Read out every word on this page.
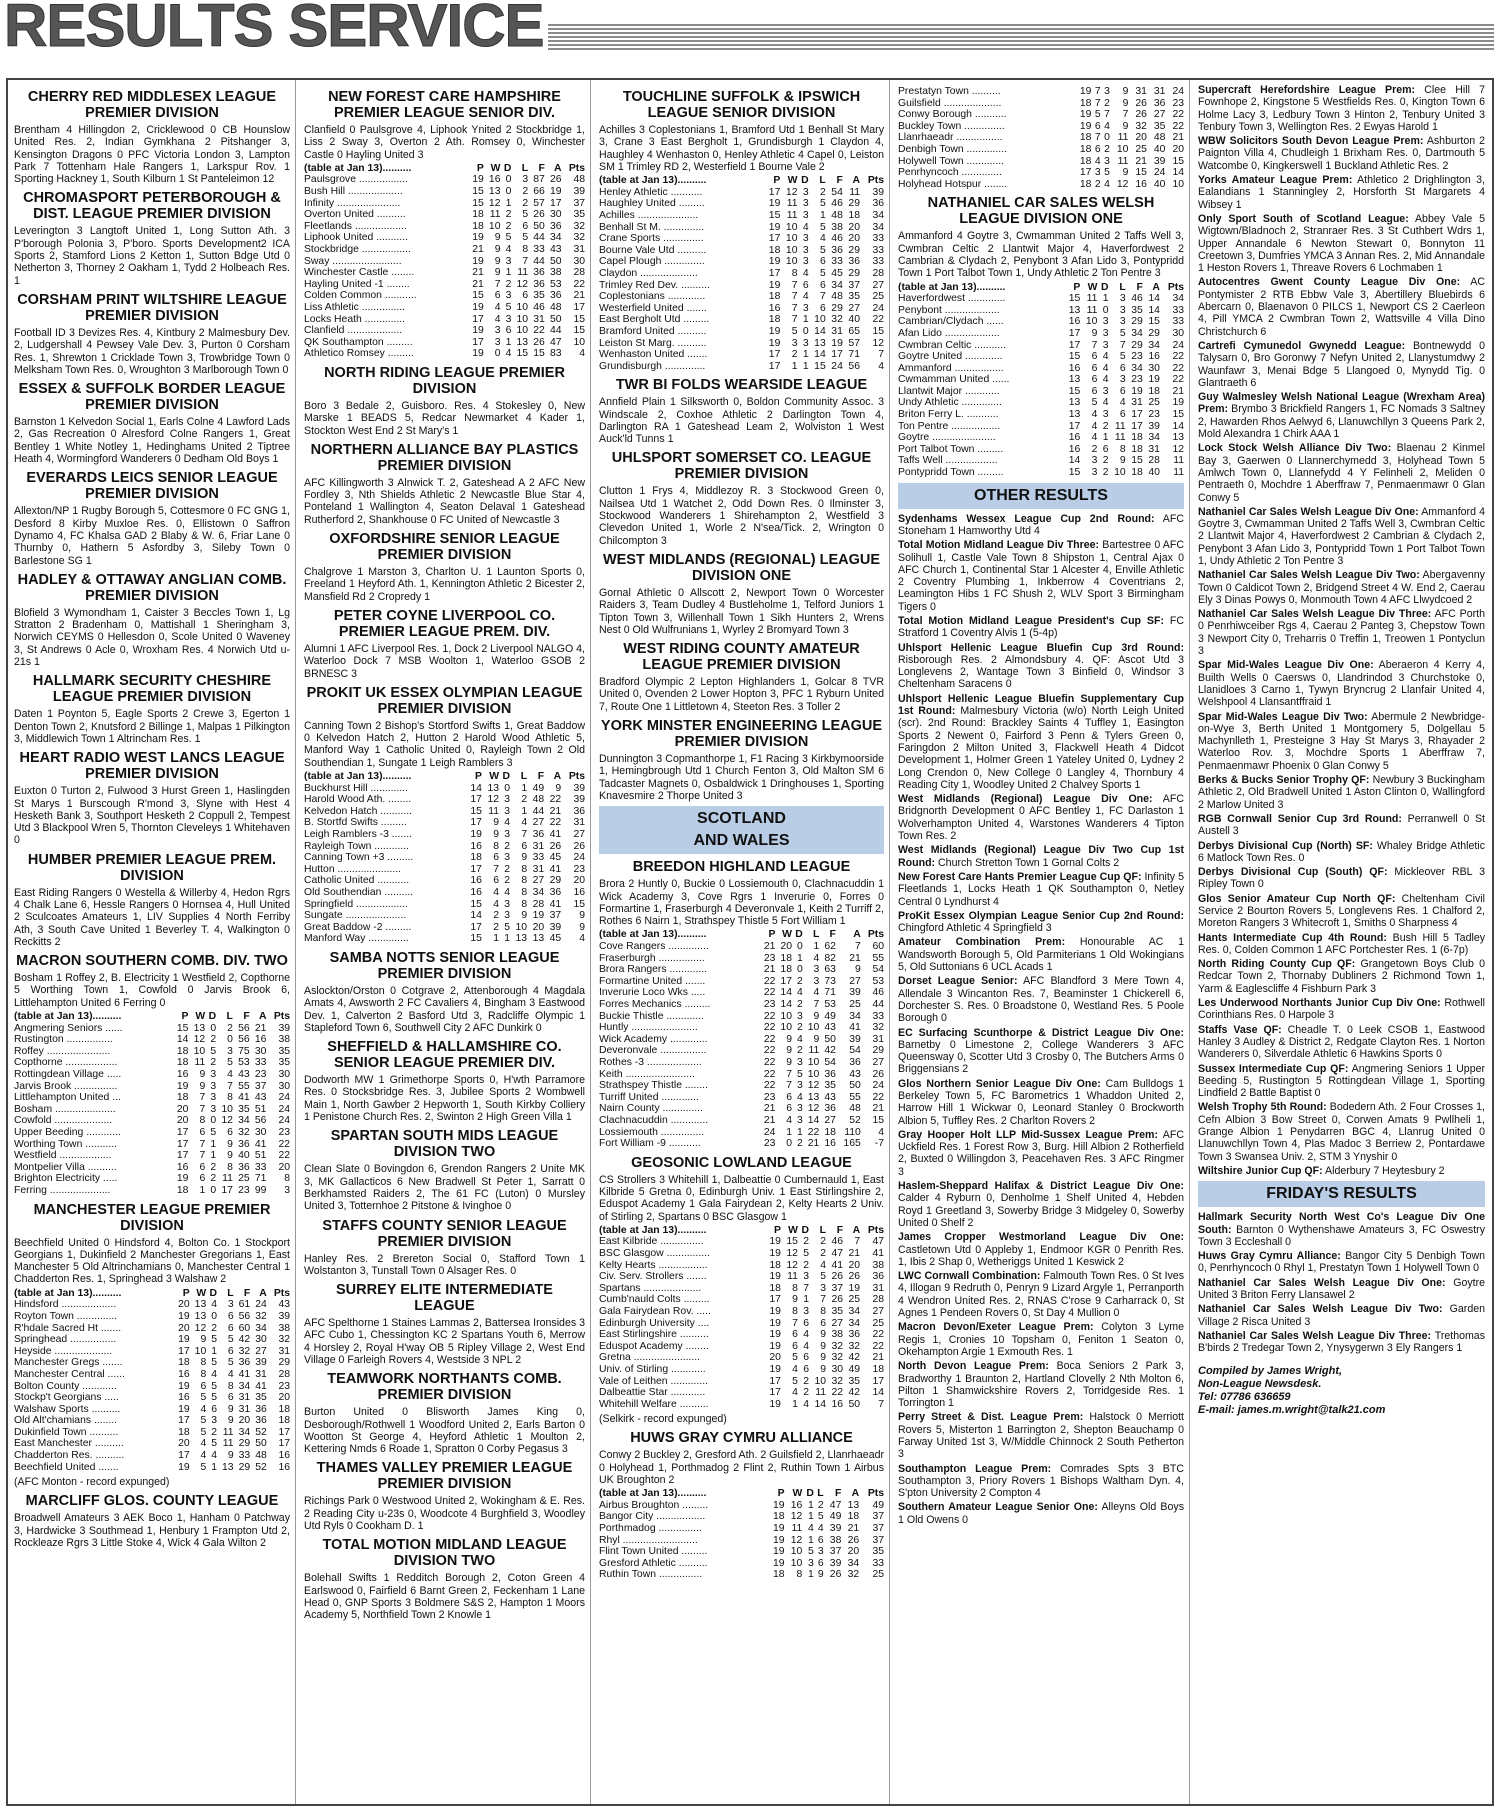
RESULTS SERVICE
CHERRY RED MIDDLESEX LEAGUE PREMIER DIVISION
Brentham 4 Hillingdon 2, Cricklewood 0 CB Hounslow United Res. 2, Indian Gymkhana 2 Pitshanger 3, Kensington Dragons 0 PFC Victoria London 3, Lampton Park 7 Tottenham Hale Rangers 1, Larkspur Rov. 1 Sporting Hackney 1, South Kilburn 1 St Panteleimon 12
CHROMASPORT PETERBOROUGH & DIST. LEAGUE PREMIER DIVISION
Leverington 3 Langtoft United 1, Long Sutton Ath. 3 P'borough Polonia 3, P'boro. Sports Development2 ICA Sports 2, Stamford Lions 2 Ketton 1, Sutton Bdge Utd 0 Netherton 3, Thorney 2 Oakham 1, Tydd 2 Holbeach Res. 1
CORSHAM PRINT WILTSHIRE LEAGUE PREMIER DIVISION
Football ID 3 Devizes Res. 4, Kintbury 2 Malmesbury Dev. 2, Ludgershall 4 Pewsey Vale Dev. 3, Purton 0 Corsham Res. 1, Shrewton 1 Cricklade Town 3, Trowbridge Town 0 Melksham Town Res. 0, Wroughton 3 Marlborough Town 0
ESSEX & SUFFOLK BORDER LEAGUE PREMIER DIVISION
Barnston 1 Kelvedon Social 1, Earls Colne 4 Lawford Lads 2, Gas Recreation 0 Alresford Colne Rangers 1, Great Bentley 1 White Notley 1, Hedinghams United 2 Tiptree Heath 4, Wormingford Wanderers 0 Dedham Old Boys 1
EVERARDS LEICS SENIOR LEAGUE PREMIER DIVISION
Allexton/NP 1 Rugby Borough 5, Cottesmore 0 FC GNG 1, Desford 8 Kirby Muxloe Res. 0, Ellistown 0 Saffron Dynamo 4, FC Khalsa GAD 2 Blaby & W. 6, Friar Lane 0 Thurnby 0, Hathern 5 Asfordby 3, Sileby Town 0 Barlestone SG 1
HADLEY & OTTAWAY ANGLIAN COMB. PREMIER DIVISION
Blofield 3 Wymondham 1, Caister 3 Beccles Town 1, Lg Stratton 2 Bradenham 0, Mattishall 1 Sheringham 3, Norwich CEYMS 0 Hellesdon 0, Scole United 0 Waveney 3, St Andrews 0 Acle 0, Wroxham Res. 4 Norwich Utd u-21s 1
HALLMARK SECURITY CHESHIRE LEAGUE PREMIER DIVISION
Daten 1 Poynton 5, Eagle Sports 2 Crewe 3, Egerton 1 Denton Town 2, Knutsford 2 Billinge 1, Malpas 1 Pilkington 3, Middlewich Town 1 Altrincham Res. 1
HEART RADIO WEST LANCS LEAGUE PREMIER DIVISION
Euxton 0 Turton 2, Fulwood 3 Hurst Green 1, Haslingden St Marys 1 Burscough R'mond 3, Slyne with Hest 4 Hesketh Bank 3, Southport Hesketh 2 Coppull 2, Tempest Utd 3 Blackpool Wren 5, Thornton Cleveleys 1 Whitehaven 0
HUMBER PREMIER LEAGUE PREM. DIVISION
East Riding Rangers 0 Westella & Willerby 4, Hedon Rgrs 4 Chalk Lane 6, Hessle Rangers 0 Hornsea 4, Hull United 2 Sculcoates Amateurs 1, LIV Supplies 4 North Ferriby Ath, 3 South Cave United 1 Beverley T. 4, Walkington 0 Reckitts 2
MACRON SOUTHERN COMB. DIV. TWO
Bosham 1 Roffey 2, B. Electricity 1 Westfield 2, Copthorne 5 Worthing Town 1, Cowfold 0 Jarvis Brook 6, Littlehampton United 6 Ferring 0
(table at Jan 13)..........	P	W	D	L	F	A	Pts
Angmering Seniors ......	15	13	0	2	56	21	39
Rustington ................	14	12	2	0	56	16	38
Roffey ......................	18	10	5	3	75	30	35
Copthorne ..................	18	11	2	5	53	33	35
Rottingdean Village .....	16	9	3	4	43	23	30
Jarvis Brook ...............	19	9	3	7	55	37	30
Littlehampton United ...	18	7	3	8	41	43	24
Bosham .....................	20	7	3	10	35	51	24
Cowfold ....................	20	8	0	12	34	56	24
Upper Beeding ............	17	6	5	6	32	30	23
Worthing Town ...........	17	7	1	9	36	41	22
Westfield ..................	17	7	1	9	40	51	22
Montpelier Villa ..........	16	6	2	8	36	33	20
Brighton Electricity .....	19	6	2	11	25	71	8
Ferring .....................	18	1	0	17	23	99	3
MANCHESTER LEAGUE PREMIER DIVISION
Beechfield United 0 Hindsford 4, Bolton Co. 1 Stockport Georgians 1, Dukinfield 2 Manchester Gregorians 1, East Manchester 5 Old Altrinchamians 0, Manchester Central 1 Chadderton Res. 1, Springhead 3 Walshaw 2
(table at Jan 13)..........	P	W	D	L	F	A	Pts
Hindsford ...................	20	13	4	3	61	24	43
Royton Town ..............	19	13	0	6	56	32	39
R'hdale Sacred Ht .......	20	12	2	6	60	34	38
Springhead ................	19	9	5	5	42	30	32
Heyside ....................	17	10	1	6	32	27	31
Manchester Gregs .......	18	8	5	5	36	39	29
Manchester Central ......	16	8	4	4	41	31	28
Bolton County ............	19	6	5	8	34	41	23
Stockp't Georgians .....	16	5	5	6	31	35	20
Walshaw Sports ..........	19	4	6	9	31	36	18
Old Alt'chamians ........	17	5	3	9	20	36	18
Dukinfield Town ..........	18	5	2	11	34	52	17
East Manchester ..........	20	4	5	11	29	50	17
Chadderton Res. ..........	17	4	4	9	33	48	16
Beechfield United .......	19	5	1	13	29	52	16
(AFC Monton - record expunged)
MARCLIFF GLOS. COUNTY LEAGUE
Broadwell Amateurs 3 AEK Boco 1, Hanham 0 Patchway 3, Hardwicke 3 Southmead 1, Henbury 1 Frampton Utd 2, Rockleaze Rgrs 3 Little Stoke 4, Wick 4 Gala Wilton 2
NEW FOREST CARE HAMPSHIRE PREMIER LEAGUE SENIOR DIV.
Clanfield 0 Paulsgrove 4, Liphook Ynited 2 Stockbridge 1, Liss 2 Sway 3, Overton 2 Ath. Romsey 0, Winchester Castle 0 Hayling United 3
(table at Jan 13)..........	P	W	D	L	F	A	Pts
Paulsgrove .................	19	16	0	3	87	26	48
Bush Hill ...................	15	13	0	2	66	19	39
Infinity ......................	15	12	1	2	57	17	37
Overton United ..........	18	11	2	5	26	30	35
Fleetlands ..................	18	10	2	6	50	36	32
Liphook United ...........	19	9	5	5	44	34	32
Stockbridge .................	21	9	4	8	33	43	31
Sway ........................	19	9	3	7	44	50	30
Winchester Castle ........	21	9	1	11	36	38	28
Hayling United -1 ........	21	7	2	12	36	53	22
Colden Common ...........	15	6	3	6	35	36	21
Liss Athletic ...............	19	4	5	10	46	48	17
Locks Heath ..............	17	4	3	10	31	50	15
Clanfield ...................	19	3	6	10	22	44	15
QK Southampton .........	17	3	1	13	26	47	10
Athletico Romsey .........	19	0	4	15	15	83	4
NORTH RIDING LEAGUE PREMIER DIVISION
Boro 3 Bedale 2, Guisboro. Res. 4 Stokesley 0, New Marske 1 BEADS 5, Redcar Newmarket 4 Kader 1, Stockton West End 2 St Mary's 1
NORTHERN ALLIANCE BAY PLASTICS PREMIER DIVISION
AFC Killingworth 3 Alnwick T. 2, Gateshead A 2 AFC New Fordley 3, Nth Shields Athletic 2 Newcastle Blue Star 4, Ponteland 1 Wallington 4, Seaton Delaval 1 Gateshead Rutherford 2, Shankhouse 0 FC United of Newcastle 3
OXFORDSHIRE SENIOR LEAGUE PREMIER DIVISION
Chalgrove 1 Marston 3, Charlton U. 1 Launton Sports 0, Freeland 1 Heyford Ath. 1, Kennington Athletic 2 Bicester 2, Mansfield Rd 2 Cropredy 1
PETER COYNE LIVERPOOL CO. PREMIER LEAGUE PREM. DIV.
Alumni 1 AFC Liverpool Res. 1, Dock 2 Liverpool NALGO 4, Waterloo Dock 7 MSB Woolton 1, Waterloo GSOB 2 BRNESC 3
PROKIT UK ESSEX OLYMPIAN LEAGUE PREMIER DIVISION
Canning Town 2 Bishop's Stortford Swifts 1, Great Baddow 0 Kelvedon Hatch 2, Hutton 2 Harold Wood Athletic 5, Manford Way 1 Catholic United 0, Rayleigh Town 2 Old Southendian 1, Sungate 1 Leigh Ramblers 3
(table at Jan 13)..........	P	W	D	L	F	A	Pts
Buckhurst Hill .............	14	13	0	1	49	9	39
Harold Wood Ath. ........	17	12	3	2	48	22	39
Kelvedon Hatch ...........	15	11	3	1	44	21	36
B. Stortfd Swifts .........	17	9	4	4	27	22	31
Leigh Ramblers -3 .......	19	9	3	7	36	41	27
Rayleigh Town ............	16	8	2	6	31	26	26
Canning Town +3 .........	18	6	3	9	33	45	24
Hutton ......................	17	7	2	8	31	41	23
Catholic United ...........	16	6	2	8	27	29	20
Old Southendian ..........	16	4	4	8	34	36	16
Springfield ..................	15	4	3	8	28	41	15
Sungate .....................	14	2	3	9	19	37	9
Great Baddow -2 .........	17	2	5	10	20	39	9
Manford Way ..............	15	1	1	13	13	45	4
SAMBA NOTTS SENIOR LEAGUE PREMIER DIVISION
Aslockton/Orston 0 Cotgrave 2, Attenborough 4 Magdala Amats 4, Awsworth 2 FC Cavaliers 4, Bingham 3 Eastwood Dev. 1, Calverton 2 Basford Utd 3, Radcliffe Olympic 1 Stapleford Town 6, Southwell City 2 AFC Dunkirk 0
SHEFFIELD & HALLAMSHIRE CO. SENIOR LEAGUE PREMIER DIV.
Dodworth MW 1 Grimethorpe Sports 0, H'wth Parramore Res. 0 Stocksbridge Res. 3, Jubilee Sports 2 Wombwell Main 1, North Gawber 2 Hepworth 1, South Kirkby Colliery 1 Penistone Church Res. 2, Swinton 2 High Green Villa 1
SPARTAN SOUTH MIDS LEAGUE DIVISION TWO
Clean Slate 0 Bovingdon 6, Grendon Rangers 2 Unite MK 3, MK Gallacticos 6 New Bradwell St Peter 1, Sarratt 0 Berkhamsted Raiders 2, The 61 FC (Luton) 0 Mursley United 3, Totternhoe 2 Pitstone & Ivinghoe 0
STAFFS COUNTY SENIOR LEAGUE PREMIER DIVISION
Hanley Res. 2 Brereton Social 0, Stafford Town 1 Wolstanton 3, Tunstall Town 0 Alsager Res. 0
SURREY ELITE INTERMEDIATE LEAGUE
AFC Spelthorne 1 Staines Lammas 2, Battersea Ironsides 3 AFC Cubo 1, Chessington KC 2 Spartans Youth 6, Merrow 4 Horsley 2, Royal H'way OB 5 Ripley Village 2, West End Village 0 Farleigh Rovers 4, Westside 3 NPL 2
TEAMWORK NORTHANTS COMB. PREMIER DIVISION
Burton United 0 Blisworth James King 0, Desborough/Rothwell 1 Woodford United 2, Earls Barton 0 Wootton St George 4, Heyford Athletic 1 Moulton 2, Kettering Nmds 6 Roade 1, Spratton 0 Corby Pegasus 3
THAMES VALLEY PREMIER LEAGUE PREMIER DIVISION
Richings Park 0 Westwood United 2, Wokingham & E. Res. 2 Reading City u-23s 0, Woodcote 4 Burghfield 3, Woodley Utd Ryls 0 Cookham D. 1
TOTAL MOTION MIDLAND LEAGUE DIVISION TWO
Bolehall Swifts 1 Redditch Borough 2, Coton Green 4 Earlswood 0, Fairfield 6 Barnt Green 2, Feckenham 1 Lane Head 0, GNP Sports 3 Boldmere S&S 2, Hampton 1 Moors Academy 5, Northfield Town 2 Knowle 1
TOUCHLINE SUFFOLK & IPSWICH LEAGUE SENIOR DIVISION
Achilles 3 Coplestonians 1, Bramford Utd 1 Benhall St Mary 3, Crane 3 East Bergholt 1, Grundisburgh 1 Claydon 4, Haughley 4 Wenhaston 0, Henley Athletic 4 Capel 0, Leiston SM 1 Trimley RD 2, Westerfield 1 Bourne Vale 2
(table at Jan 13)..........	P	W	D	L	F	A	Pts
Henley Athletic ...........	17	12	3	2	54	11	39
Haughley United .........	19	11	3	5	46	29	36
Achilles .....................	15	11	3	1	48	18	34
Benhall St M. ..............	19	10	4	5	38	20	34
Crane Sports ..............	17	10	3	4	46	20	33
Bourne Vale Utd ..........	18	10	3	5	36	29	33
Capel Plough ..............	19	10	3	6	33	36	33
Claydon ....................	17	8	4	5	45	29	28
Trimley Red Dev. ..........	19	7	6	6	34	37	27
Coplestonians .............	18	7	4	7	48	35	25
Westerfield United .......	16	7	3	6	29	27	24
East Bergholt Utd .........	18	7	1	10	32	40	22
Bramford United ..........	19	5	0	14	31	65	15
Leiston St Marg. ..........	19	3	3	13	19	57	12
Wenhaston United .......	17	2	1	14	17	71	7
Grundisburgh ..............	17	1	1	15	24	56	4
TWR BI FOLDS WEARSIDE LEAGUE
Annfield Plain 1 Silksworth 0, Boldon Community Assoc. 3 Windscale 2, Coxhoe Athletic 2 Darlington Town 4, Darlington RA 1 Gateshead Leam 2, Wolviston 1 West Auck'ld Tunns 1
UHLSPORT SOMERSET CO. LEAGUE PREMIER DIVISION
Clutton 1 Frys 4, Middlezoy R. 3 Stockwood Green 0, Nailsea Utd 1 Watchet 2, Odd Down Res. 0 Ilminster 3, Stockwood Wanderers 1 Shirehampton 2, Westfield 3 Clevedon United 1, Worle 2 N'sea/Tick. 2, Wrington 0 Chilcompton 3
WEST MIDLANDS (REGIONAL) LEAGUE DIVISION ONE
Gornal Athletic 0 Allscott 2, Newport Town 0 Worcester Raiders 3, Team Dudley 4 Bustleholme 1, Telford Juniors 1 Tipton Town 3, Willenhall Town 1 Sikh Hunters 2, Wrens Nest 0 Old Wulfrunians 1, Wyrley 2 Bromyard Town 3
WEST RIDING COUNTY AMATEUR LEAGUE PREMIER DIVISION
Bradford Olympic 2 Lepton Highlanders 1, Golcar 8 TVR United 0, Ovenden 2 Lower Hopton 3, PFC 1 Ryburn United 7, Route One 1 Littletown 4, Steeton Res. 3 Toller 2
YORK MINSTER ENGINEERING LEAGUE PREMIER DIVISION
Dunnington 3 Copmanthorpe 1, F1 Racing 3 Kirkbymoorside 1, Hemingbrough Utd 1 Church Fenton 3, Old Malton SM 6 Tadcaster Magnets 0, Osbaldwick 1 Dringhouses 1, Sporting Knavesmire 2 Thorpe United 3
SCOTLAND
AND WALES
BREEDON HIGHLAND LEAGUE
Brora 2 Huntly 0, Buckie 0 Lossiemouth 0, Clachnacuddin 1 Wick Academy 3, Cove Rgrs 1 Inverurie 0, Forres 0 Formartine 1, Fraserburgh 4 Deveronvale 1, Keith 2 Turriff 2, Rothes 6 Nairn 1, Strathspey Thistle 5 Fort William 1
(table at Jan 13)..........	P	W	D	L	F	A	Pts
Cove Rangers ..............	21	20	0	1	62	7	60
Fraserburgh ................	23	18	1	4	82	21	55
Brora Rangers .............	21	18	0	3	63	9	54
Formartine United .......	22	17	2	3	73	27	53
Inverurie Loco Wks .....	22	14	4	4	71	39	46
Forres Mechanics .........	23	14	2	7	53	25	44
Buckie Thistle .............	22	10	3	9	49	34	33
Huntly .......................	22	10	2	10	43	41	32
Wick Academy .............	22	9	4	9	50	39	31
Deveronvale ................	22	9	2	11	42	54	29
Rothes -3 ...................	22	9	3	10	54	36	27
Keith ........................	22	7	5	10	36	43	26
Strathspey Thistle ........	22	7	3	12	35	50	24
Turriff United .............	23	6	4	13	43	55	22
Nairn County ..............	21	6	3	12	36	48	21
Clachnacuddin .............	21	4	3	14	27	52	15
Lossiemouth ...............	24	1	1	22	18	110	4
Fort William -9 ...........	23	0	2	21	16	165	-7
GEOSONIC LOWLAND LEAGUE
CS Strollers 3 Whitehill 1, Dalbeattie 0 Cumbernauld 1, East Kilbride 5 Gretna 0, Edinburgh Univ. 1 East Stirlingshire 2, Eduspot Academy 1 Gala Fairydean 2, Kelty Hearts 2 Univ. of Stirling 2, Spartans 0 BSC Glasgow 1
(table at Jan 13)..........	P	W	D	L	F	A	Pts
East Kilbride ...............	19	15	2	2	46	7	47
BSC Glasgow ...............	19	12	5	2	47	21	41
Kelty Hearts .................	18	12	2	4	41	20	38
Civ. Serv. Strollers .......	19	11	3	5	26	26	36
Spartans ....................	18	8	7	3	37	19	31
Cumb'nauld Colts .........	17	9	1	7	26	25	28
Gala Fairydean Rov. .....	19	8	3	8	35	34	27
Edinburgh University ....	19	7	6	6	27	34	25
East Stirlingshire ..........	19	6	4	9	38	36	22
Eduspot Academy ........	19	6	4	9	32	32	22
Gretna .......................	20	5	6	9	32	42	21
Univ. of Stirling ............	19	4	6	9	30	49	18
Vale of Leithen .............	17	5	2	10	32	35	17
Dalbeattie Star ............	17	4	2	11	22	42	14
Whitehill Welfare ..........	19	1	4	14	16	50	7
(Selkirk - record expunged)
HUWS GRAY CYMRU ALLIANCE
Conwy 2 Buckley 2, Gresford Ath. 2 Guilsfield 2, Llanrhaeadr 0 Holyhead 1, Porthmadog 2 Flint 2, Ruthin Town 1 Airbus UK Broughton 2
(table at Jan 13)..........	P	W	D	L	F	A	Pts
Airbus Broughton .........	19	16	1	2	47	13	49
Bangor City .................	18	12	1	5	49	18	37
Porthmadog ...............	19	11	4	4	39	21	37
Rhyl ..........................	19	12	1	6	38	26	37
Flint Town United .........	19	10	5	3	37	20	35
Gresford Athletic ..........	19	10	3	6	39	34	33
Ruthin Town ...............	18	8	1	9	26	32	25
Prestatyn Town ..........	19	7	3	9	31	31	24
Guilsfield ....................	18	7	2	9	26	36	23
Conwy Borough ...........	19	5	7	7	26	27	22
Buckley Town ..............	19	6	4	9	32	35	22
Llanrhaeadr ................	18	7	0	11	20	48	21
Denbigh Town ..............	18	6	2	10	25	40	20
Holywell Town .............	18	4	3	11	21	39	15
Penrhyncoch ..............	17	3	5	9	15	24	14
Holyhead Hotspur ........	18	2	4	12	16	40	10
NATHANIEL CAR SALES WELSH LEAGUE DIVISION ONE
Ammanford 4 Goytre 3, Cwmamman United 2 Taffs Well 3, Cwmbran Celtic 2 Llantwit Major 4, Haverfordwest 2 Cambrian & Clydach 2, Penybont 3 Afan Lido 3, Pontypridd Town 1 Port Talbot Town 1, Undy Athletic 2 Ton Pentre 3
(table at Jan 13)..........	P	W	D	L	F	A	Pts
Haverfordwest .............	15	11	1	3	46	14	34
Penybont ...................	13	11	0	3	35	14	33
Cambrian/Clydach ......	16	10	3	3	29	15	33
Afan Lido ...................	17	9	3	5	34	29	30
Cwmbran Celtic ...........	17	7	3	7	29	34	24
Goytre United .............	15	6	4	5	23	16	22
Ammanford .................	16	6	4	6	34	30	22
Cwmamman United ......	13	6	4	3	23	19	22
Llantwit Major ............	15	6	3	6	19	18	21
Undy Athletic ..............	13	5	4	4	31	25	19
Briton Ferry L. ...........	13	4	3	6	17	23	15
Ton Pentre .................	17	4	2	11	17	39	14
Goytre ......................	16	4	1	11	18	34	13
Port Talbot Town .........	16	2	6	8	18	31	12
Taffs Well ..................	14	3	2	9	15	28	11
Pontypridd Town .........	15	3	2	10	18	40	11
OTHER RESULTS
Sydenhams Wessex League Cup 2nd Round: AFC Stoneham 1 Hamworthy Utd 4
Total Motion Midland League Div Three: Bartestree 0 AFC Solihull 1, Castle Vale Town 8 Shipston 1, Central Ajax 0 AFC Church 1, Continental Star 1 Alcester 4, Enville Athletic 2 Coventry Plumbing 1, Inkberrow 4 Coventrians 2, Leamington Hibs 1 FC Shush 2, WLV Sport 3 Birmingham Tigers 0
Total Motion Midland League President's Cup SF: FC Stratford 1 Coventry Alvis 1 (5-4p)
Uhlsport Hellenic League Bluefin Cup 3rd Round: Risborough Res. 2 Almondsbury 4. QF: Ascot Utd 3 Longlevens 2, Wantage Town 3 Binfield 0, Windsor 3 Cheltenham Saracens 0
Uhlsport Hellenic League Bluefin Supplementary Cup 1st Round: Malmesbury Victoria (w/o) North Leigh United (scr). 2nd Round: Brackley Saints 4 Tuffley 1, Easington Sports 2 Newent 0, Fairford 3 Penn & Tylers Green 0, Faringdon 2 Milton United 3, Flackwell Heath 4 Didcot Development 1, Holmer Green 1 Yateley United 0, Lydney 2 Long Crendon 0, New College 0 Langley 4, Thornbury 4 Reading City 1, Woodley United 2 Chalvey Sports 1
West Midlands (Regional) League Div One: AFC Bridgnorth Development 0 AFC Bentley 1, FC Darlaston 1 Wolverhampton United 4, Warstones Wanderers 4 Tipton Town Res. 2
West Midlands (Regional) League Div Two Cup 1st Round: Church Stretton Town 1 Gornal Colts 2
New Forest Care Hants Premier League Cup QF: Infinity 5 Fleetlands 1, Locks Heath 1 QK Southampton 0, Netley Central 0 Lyndhurst 4
ProKit Essex Olympian League Senior Cup 2nd Round: Chingford Athletic 4 Springfield 3
Amateur Combination Prem: Honourable AC 1 Wandsworth Borough 5, Old Parmiterians 1 Old Wokingians 5, Old Suttonians 6 UCL Acads 1
Dorset League Senior: AFC Blandford 3 Mere Town 4, Allendale 3 Wincanton Res. 7, Beaminster 1 Chickerell 6, Dorchester S. Res. 0 Broadstone 0, Westland Res. 5 Poole Borough 0
EC Surfacing Scunthorpe & District League Div One: Barnetby 0 Limestone 2, College Wanderers 3 AFC Queensway 0, Scotter Utd 3 Crosby 0, The Butchers Arms 0 Briggensians 2
Glos Northern Senior League Div One: Cam Bulldogs 1 Berkeley Town 5, FC Barometrics 1 Whaddon United 2, Harrow Hill 1 Wickwar 0, Leonard Stanley 0 Brockworth Albion 5, Tuffley Res. 2 Charlton Rovers 2
Gray Hooper Holt LLP Mid-Sussex League Prem: AFC Uckfield Res. 1 Forest Row 3, Burg. Hill Albion 2 Rotherfield 2, Buxted 0 Willingdon 3, Peacehaven Res. 3 AFC Ringmer 3
Haslem-Sheppard Halifax & District League Div One: Calder 4 Ryburn 0, Denholme 1 Shelf United 4, Hebden Royd 1 Greetland 3, Sowerby Bridge 3 Midgeley 0, Sowerby United 0 Shelf 2
James Cropper Westmorland League Div One: Castletown Utd 0 Appleby 1, Endmoor KGR 0 Penrith Res. 1, Ibis 2 Shap 0, Wetheriggs United 1 Keswick 2
LWC Cornwall Combination: Falmouth Town Res. 0 St Ives 4, Illogan 9 Redruth 0, Penryn 9 Lizard Argyle 1, Perranporth 4 Wendron United Res. 2, RNAS C'rose 9 Carharrack 0, St Agnes 1 Pendeen Rovers 0, St Day 4 Mullion 0
Macron Devon/Exeter League Prem: Colyton 3 Lyme Regis 1, Cronies 10 Topsham 0, Feniton 1 Seaton 0, Okehampton Argie 1 Exmouth Res. 1
North Devon League Prem: Boca Seniors 2 Park 3, Bradworthy 1 Braunton 2, Hartland Clovelly 2 Nth Molton 6, Pilton 1 Shamwickshire Rovers 2, Torridgeside Res. 1 Torrington 1
Perry Street & Dist. League Prem: Halstock 0 Merriott Rovers 5, Misterton 1 Barrington 2, Shepton Beauchamp 0 Farway United 1st 3, W/Middle Chinnock 2 South Petherton 3
Southampton League Prem: Comrades Spts 3 BTC Southampton 3, Priory Rovers 1 Bishops Waltham Dyn. 4, S'pton University 2 Compton 4
Southern Amateur League Senior One: Alleyns Old Boys 1 Old Owens 0
Supercraft Herefordshire League Prem: Clee Hill 7 Fownhope 2, Kingstone 5 Westfields Res. 0, Kington Town 6 Holme Lacy 3, Ledbury Town 3 Hinton 2, Tenbury United 3 Tenbury Town 3, Wellington Res. 2 Ewyas Harold 1
WBW Solicitors South Devon League Prem: Ashburton 2 Paignton Villa 4, Chudleigh 1 Brixham Res. 0, Dartmouth 5 Watcombe 0, Kingkerswell 1 Buckland Athletic Res. 2
Yorks Amateur League Prem: Athletico 2 Drighlington 3, Ealandians 1 Stanningley 2, Horsforth St Margarets 4 Wibsey 1
Only Sport South of Scotland League: Abbey Vale 5 Wigtown/Bladnoch 2, Stranraer Res. 3 St Cuthbert Wdrs 1, Upper Annandale 6 Newton Stewart 0, Bonnyton 11 Creetown 3, Dumfries YMCA 3 Annan Res. 2, Mid Annandale 1 Heston Rovers 1, Threave Rovers 6 Lochmaben 1
Autocentres Gwent County League Div One: AC Pontymister 2 RTB Ebbw Vale 3, Abertillery Bluebirds 6 Abercarn 0, Blaenavon 0 PILCS 1, Newport CS 2 Caerleon 4, Pill YMCA 2 Cwmbran Town 2, Wattsville 4 Villa Dino Christchurch 6
Cartrefi Cymunedol Gwynedd League: Bontnewydd 0 Talysarn 0, Bro Goronwy 7 Nefyn United 2, Llanystumdwy 2 Waunfawr 3, Menai Bdge 5 Llangoed 0, Mynydd Tig. 0 Glantraeth 6
Guy Walmesley Welsh National League (Wrexham Area) Prem: Brymbo 3 Brickfield Rangers 1, FC Nomads 3 Saltney 2, Hawarden Rhos Aelwyd 6, Llanuwchllyn 3 Queens Park 2, Mold Alexandra 1 Chirk AAA 1
Lock Stock Welsh Alliance Div Two: Blaenau 2 Kinmel Bay 3, Gaerwen 0 Llannerchymedd 3, Holyhead Town 5 Amlwch Town 0, Llannefydd 4 Y Felinheli 2, Meliden 0 Pentraeth 0, Mochdre 1 Aberffraw 7, Penmaenmawr 0 Glan Conwy 5
Nathaniel Car Sales Welsh League Div One: Ammanford 4 Goytre 3, Cwmamman United 2 Taffs Well 3, Cwmbran Celtic 2 Llantwit Major 4, Haverfordwest 2 Cambrian & Clydach 2, Penybont 3 Afan Lido 3, Pontypridd Town 1 Port Talbot Town 1, Undy Athletic 2 Ton Pentre 3
Nathaniel Car Sales Welsh League Div Two: Abergavenny Town 0 Caldicot Town 2, Bridgend Street 4 W. End 2, Caerau Ely 3 Dinas Powys 0, Monmouth Town 4 AFC Llwydcoed 2
Nathaniel Car Sales Welsh League Div Three: AFC Porth 0 Penrhiwceiber Rgs 4, Caerau 2 Panteg 3, Chepstow Town 3 Newport City 0, Treharris 0 Treffin 1, Treowen 1 Pontyclun 3
Spar Mid-Wales League Div One: Aberaeron 4 Kerry 4, Builth Wells 0 Caersws 0, Llandrindod 3 Churchstoke 0, Llanidloes 3 Carno 1, Tywyn Bryncrug 2 Llanfair United 4, Welshpool 4 Llansantffraid 1
Spar Mid-Wales League Div Two: Abermule 2 Newbridge-on-Wye 3, Berth United 1 Montgomery 5, Dolgellau 5 Machynlleth 1, Presteigne 3 Hay St Marys 3, Rhayader 2 Waterloo Rov. 3, Mochdre Sports 1 Aberffraw 7, Penmaenmawr Phoenix 0 Glan Conwy 5
Berks & Bucks Senior Trophy QF: Newbury 3 Buckingham Athletic 2, Old Bradwell United 1 Aston Clinton 0, Wallingford 2 Marlow United 3
RGB Cornwall Senior Cup 3rd Round: Perranwell 0 St Austell 3
Derbys Divisional Cup (North) SF: Whaley Bridge Athletic 6 Matlock Town Res. 0
Derbys Divisional Cup (South) QF: Mickleover RBL 3 Ripley Town 0
Glos Senior Amateur Cup North QF: Cheltenham Civil Service 2 Bourton Rovers 5, Longlevens Res. 1 Chalford 2, Moreton Rangers 3 Whitecroft 1, Smiths 0 Sharpness 4
Hants Intermediate Cup 4th Round: Bush Hill 5 Tadley Res. 0, Colden Common 1 AFC Portchester Res. 1 (6-7p)
North Riding County Cup QF: Grangetown Boys Club 0 Redcar Town 2, Thornaby Dubliners 2 Richmond Town 1, Yarm & Eaglescliffe 4 Fishburn Park 3
Les Underwood Northants Junior Cup Div One: Rothwell Corinthians Res. 0 Harpole 3
Staffs Vase QF: Cheadle T. 0 Leek CSOB 1, Eastwood Hanley 3 Audley & District 2, Redgate Clayton Res. 1 Norton Wanderers 0, Silverdale Athletic 6 Hawkins Sports 0
Sussex Intermediate Cup QF: Angmering Seniors 1 Upper Beeding 5, Rustington 5 Rottingdean Village 1, Sporting Lindfield 2 Battle Baptist 0
Welsh Trophy 5th Round: Bodedern Ath. 2 Four Crosses 1, Cefn Albion 3 Bow Street 0, Corwen Amats 9 Pwllheli 1, Grange Albion 1 Penydarren BGC 4, Llanrug United 0 Llanuwchllyn Town 4, Plas Madoc 3 Berriew 2, Pontardawe Town 3 Swansea Univ. 2, STM 3 Ynyshir 0
Wiltshire Junior Cup QF: Alderbury 7 Heytesbury 2
FRIDAY'S RESULTS
Hallmark Security North West Co's League Div One South: Barnton 0 Wythenshawe Amateurs 3, FC Oswestry Town 3 Eccleshall 0
Huws Gray Cymru Alliance: Bangor City 5 Denbigh Town 0, Penrhyncoch 0 Rhyl 1, Prestatyn Town 1 Holywell Town 0
Nathaniel Car Sales Welsh League Div One: Goytre United 3 Briton Ferry Llansawel 2
Nathaniel Car Sales Welsh League Div Two: Garden Village 2 Risca United 3
Nathaniel Car Sales Welsh League Div Three: Trethomas B'birds 2 Tredegar Town 2, Ynysygerwn 3 Ely Rangers 1
Compiled by James Wright,
Non-League Newsdesk.
Tel: 07786 636659
E-mail: james.m.wright@talk21.com
